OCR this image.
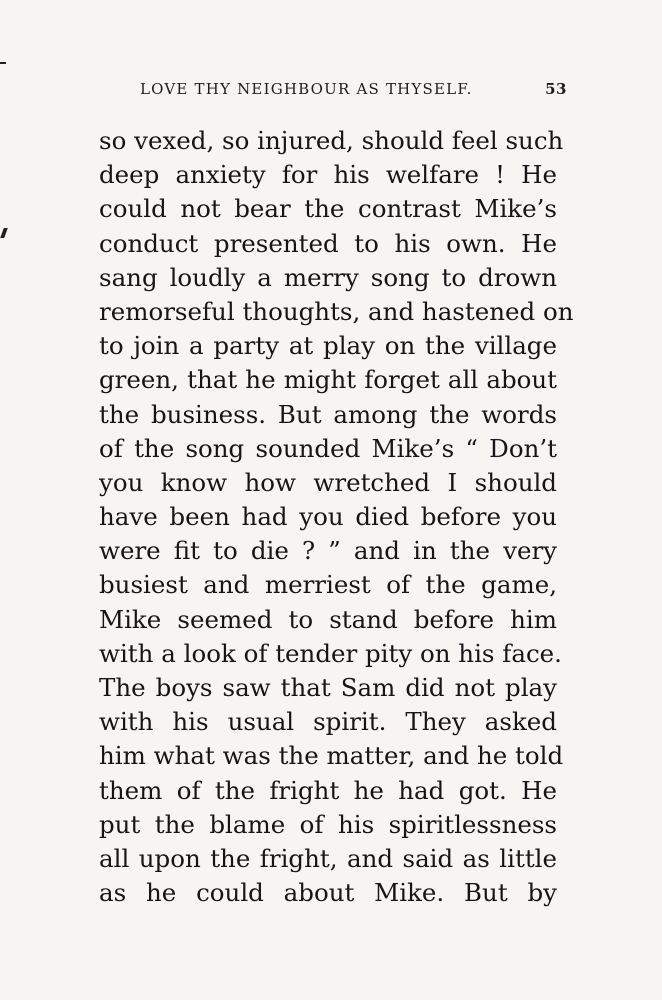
LOVE THY NEIGHBOUR AS THYSELF.	53
so vexed, so injured, should feel such
deep anxiety for his welfare ! He
could not bear the contrast Mike’s
conduct presented to his own. He
sang loudly a merry song to drown
remorseful thoughts, and hastened on
to join a party at play on the village
green, that he might forget all about
the business. But among the words
of the song sounded Mike’s “ Don’t
you know how wretched I should
have been had you died before you
were fit to die ? ” and in the very
busiest and merriest of the game,
Mike seemed to stand before him
with a look of tender pity on his face.
The boys saw that Sam did not play
with his usual spirit. They asked
him what was the matter, and he told
them of the fright he had got. He
put the blame of his spiritlessness
all upon the fright, and said as little
as he could about Mike. But by
